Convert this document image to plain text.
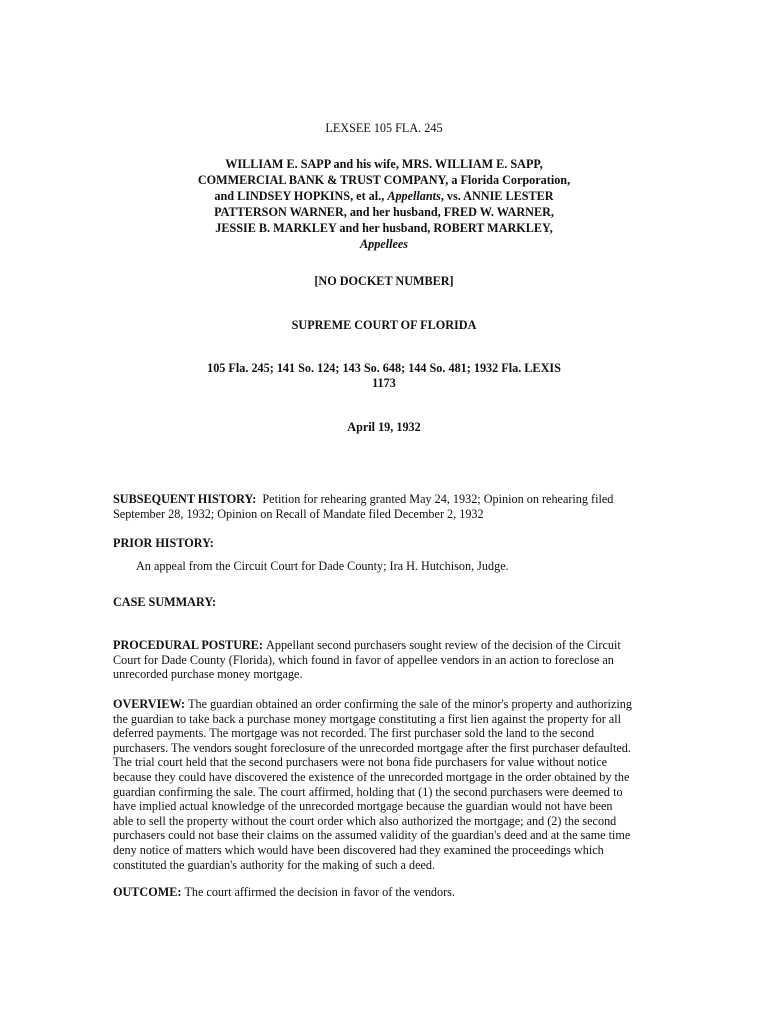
LEXSEE 105 FLA. 245
WILLIAM E. SAPP and his wife, MRS. WILLIAM E. SAPP,
COMMERCIAL BANK & TRUST COMPANY, a Florida Corporation,
and LINDSEY HOPKINS, et al., Appellants, vs. ANNIE LESTER
PATTERSON WARNER, and her husband, FRED W. WARNER,
JESSIE B. MARKLEY and her husband, ROBERT MARKLEY,
Appellees
[NO DOCKET NUMBER]
SUPREME COURT OF FLORIDA
105 Fla. 245; 141 So. 124; 143 So. 648; 144 So. 481; 1932 Fla. LEXIS
1173
April 19, 1932
SUBSEQUENT HISTORY: Petition for rehearing granted May 24, 1932; Opinion on rehearing filed September 28, 1932; Opinion on Recall of Mandate filed December 2, 1932
PRIOR HISTORY:
An appeal from the Circuit Court for Dade County; Ira H. Hutchison, Judge.
CASE SUMMARY:
PROCEDURAL POSTURE: Appellant second purchasers sought review of the decision of the Circuit Court for Dade County (Florida), which found in favor of appellee vendors in an action to foreclose an unrecorded purchase money mortgage.
OVERVIEW: The guardian obtained an order confirming the sale of the minor's property and authorizing the guardian to take back a purchase money mortgage constituting a first lien against the property for all deferred payments. The mortgage was not recorded. The first purchaser sold the land to the second purchasers. The vendors sought foreclosure of the unrecorded mortgage after the first purchaser defaulted. The trial court held that the second purchasers were not bona fide purchasers for value without notice because they could have discovered the existence of the unrecorded mortgage in the order obtained by the guardian confirming the sale. The court affirmed, holding that (1) the second purchasers were deemed to have implied actual knowledge of the unrecorded mortgage because the guardian would not have been able to sell the property without the court order which also authorized the mortgage; and (2) the second purchasers could not base their claims on the assumed validity of the guardian's deed and at the same time deny notice of matters which would have been discovered had they examined the proceedings which constituted the guardian's authority for the making of such a deed.
OUTCOME: The court affirmed the decision in favor of the vendors.
